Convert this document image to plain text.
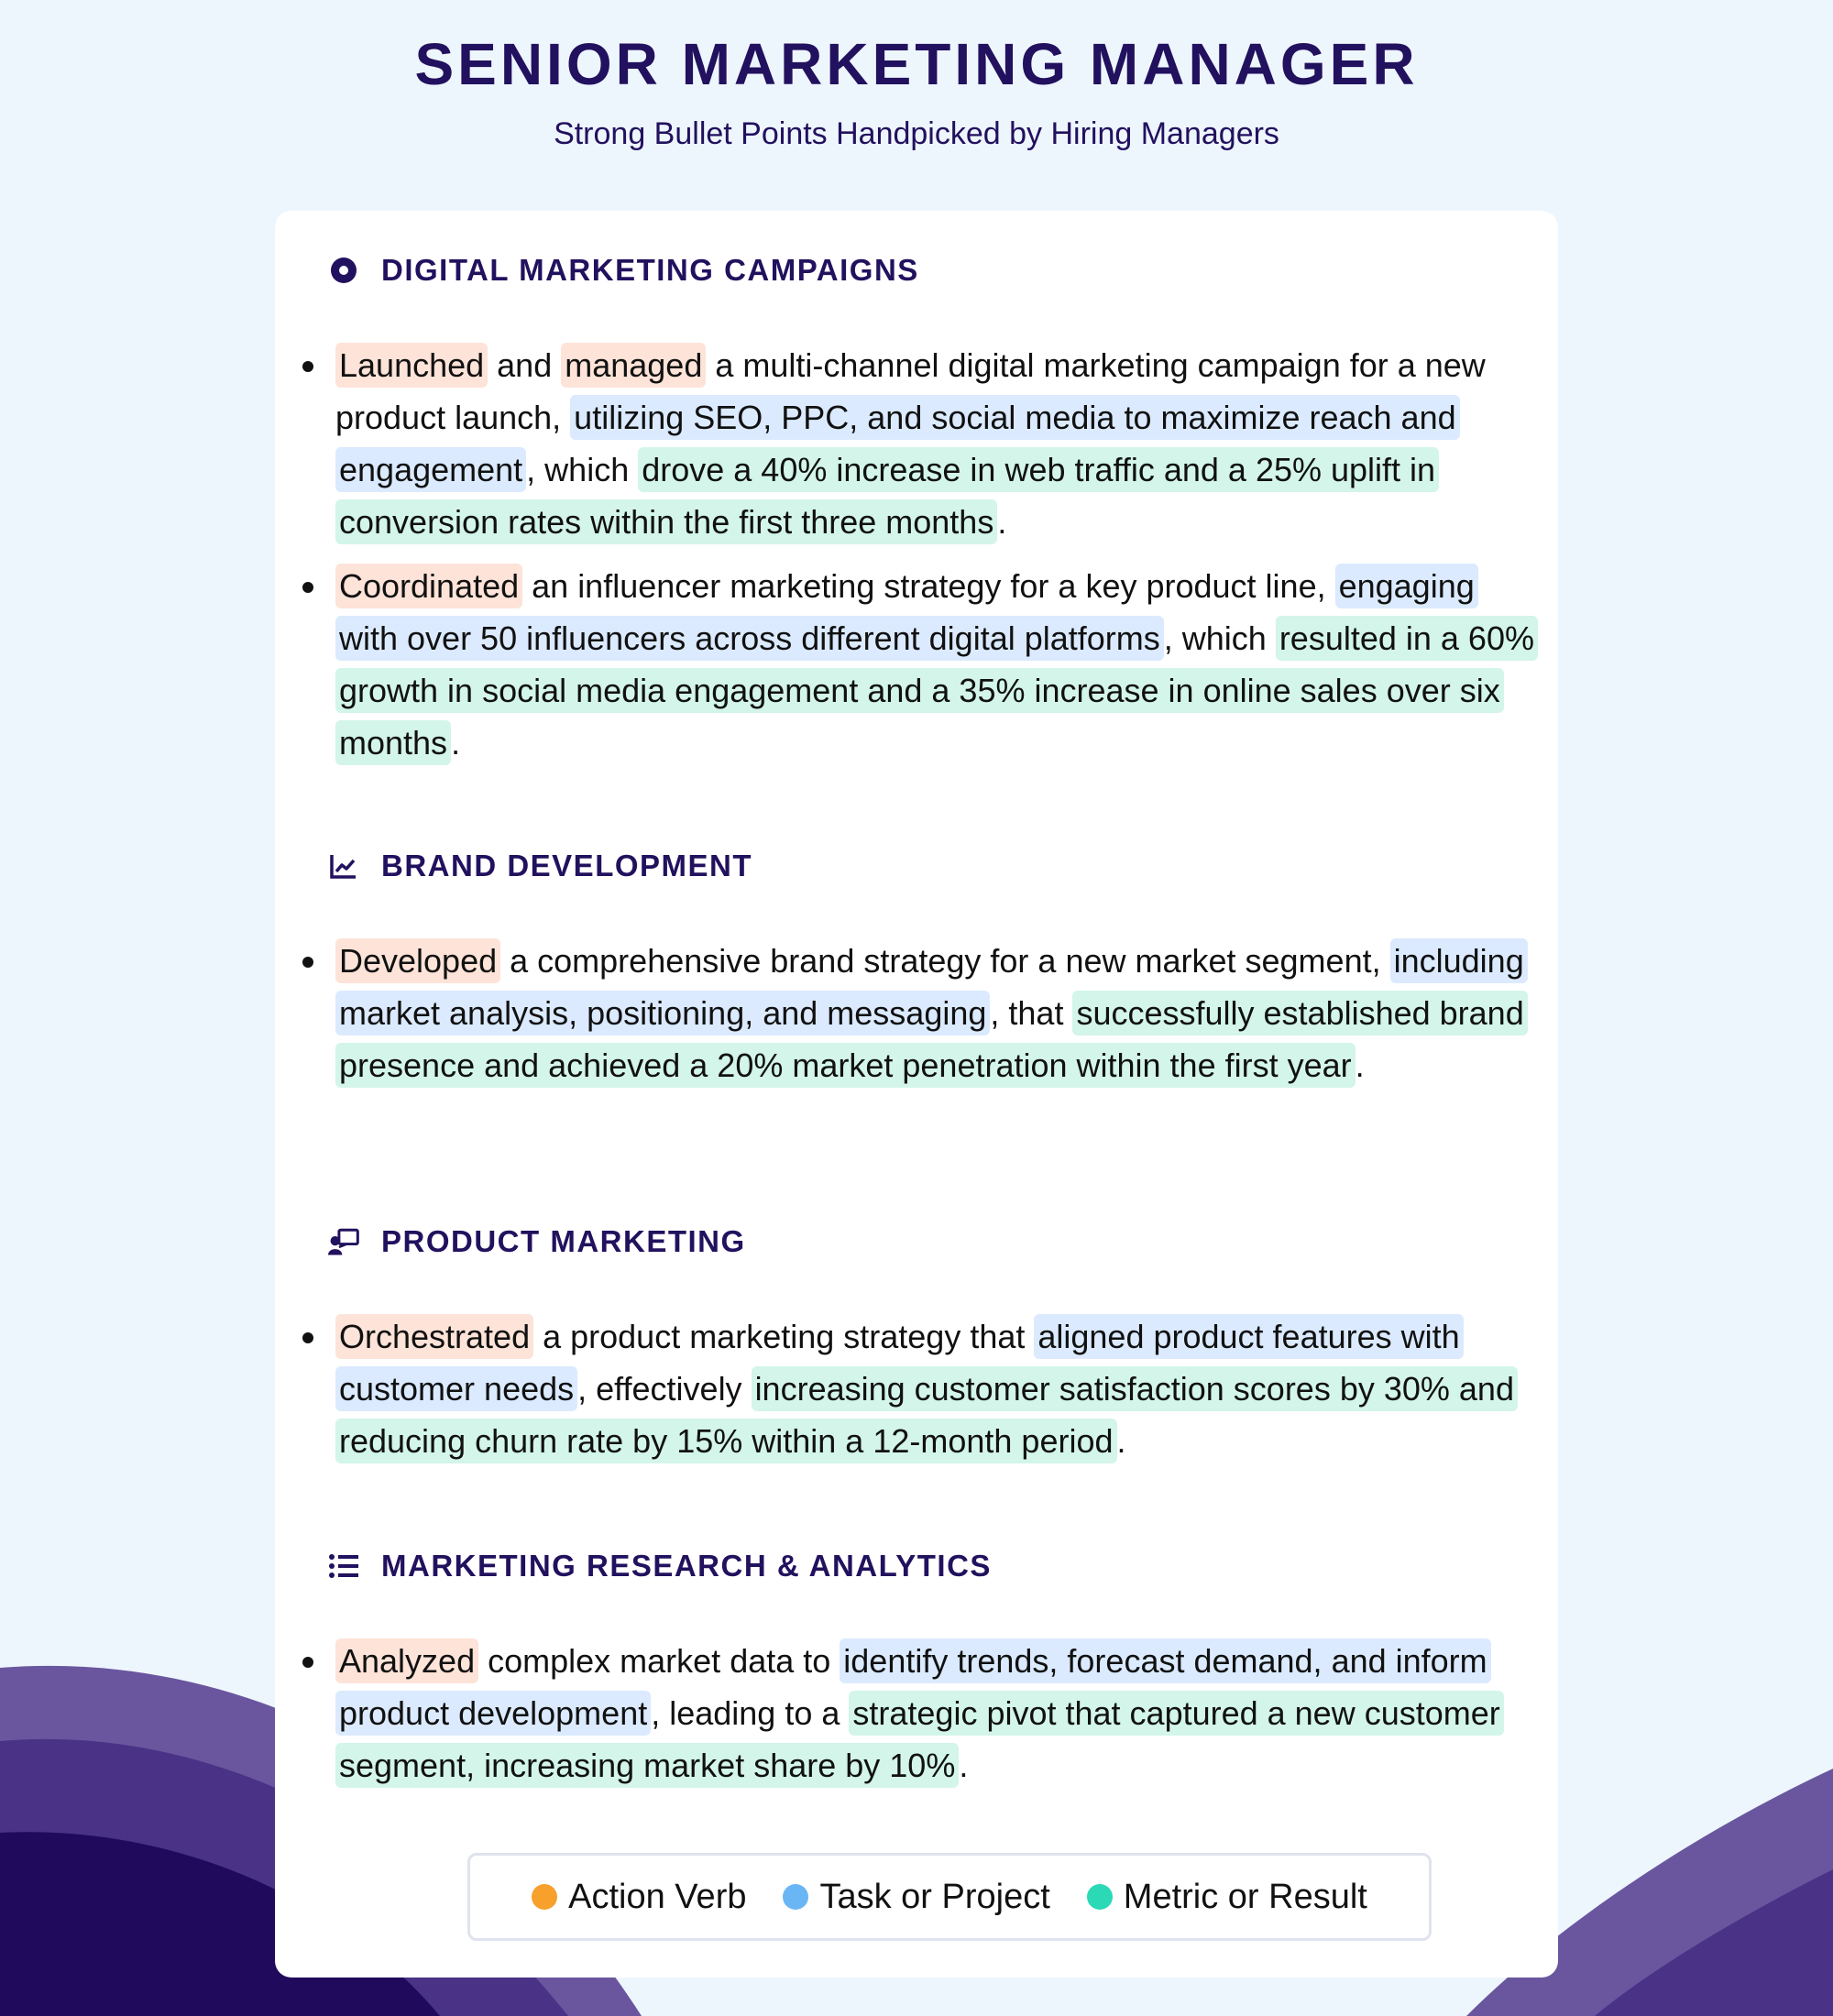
SENIOR MARKETING MANAGER
Strong Bullet Points Handpicked by Hiring Managers
DIGITAL MARKETING CAMPAIGNS
Launched and managed a multi-channel digital marketing campaign for a new product launch, utilizing SEO, PPC, and social media to maximize reach and engagement , which drove a 40% increase in web traffic and a 25% uplift in conversion rates within the first three months .
Coordinated an influencer marketing strategy for a key product line, engaging with over 50 influencers across different digital platforms , which resulted in a 60% growth in social media engagement and a 35% increase in online sales over six months .
BRAND DEVELOPMENT
Developed a comprehensive brand strategy for a new market segment, including market analysis, positioning, and messaging , that successfully established brand presence and achieved a 20% market penetration within the first year .
PRODUCT MARKETING
Orchestrated a product marketing strategy that aligned product features with customer needs , effectively increasing customer satisfaction scores by 30% and reducing churn rate by 15% within a 12-month period .
MARKETING RESEARCH & ANALYTICS
Analyzed complex market data to identify trends, forecast demand, and inform product development , leading to a strategic pivot that captured a new customer segment, increasing market share by 10% .
Action Verb Task or Project Metric or Result
